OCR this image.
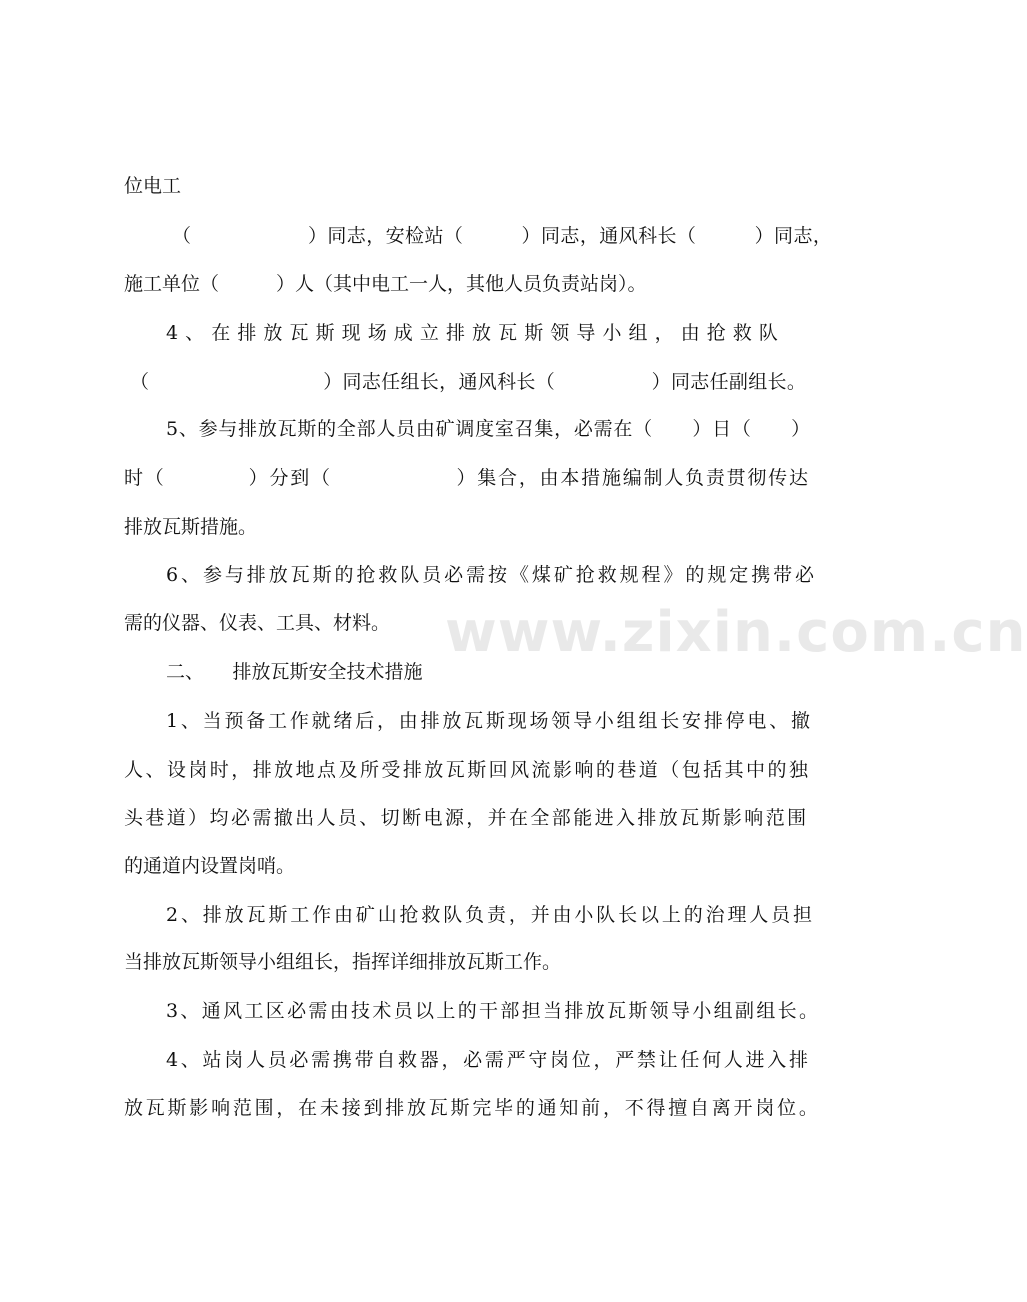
位电工

（　　　　　　）同志，安检站（　　　）同志，通风科长（　　　）同志，

施工单位（　　　）人（其中电工一人，其他人员负责站岗）。

4、在排放瓦斯现场成立排放瓦斯领导小组，由抢救队

（　　　　　　　　　）同志任组长，通风科长（　　　　　）同志任副组长。

5、参与排放瓦斯的全部人员由矿调度室召集，必需在（　　）日（　　）

时（　　　　）分到（　　　　　　）集合，由本措施编制人负责贯彻传达

排放瓦斯措施。

6、参与排放瓦斯的抢救队员必需按《煤矿抢救规程》的规定携带必

需的仪器、仪表、工具、材料。

二、　　排放瓦斯安全技术措施

1、当预备工作就绪后，由排放瓦斯现场领导小组组长安排停电、撤

人、设岗时，排放地点及所受排放瓦斯回风流影响的巷道（包括其中的独

头巷道）均必需撤出人员、切断电源，并在全部能进入排放瓦斯影响范围

的通道内设置岗哨。

2、排放瓦斯工作由矿山抢救队负责，并由小队长以上的治理人员担

当排放瓦斯领导小组组长，指挥详细排放瓦斯工作。

3、通风工区必需由技术员以上的干部担当排放瓦斯领导小组副组长。

4、站岗人员必需携带自救器，必需严守岗位，严禁让任何人进入排

放瓦斯影响范围，在未接到排放瓦斯完毕的通知前，不得擅自离开岗位。

www.zixin.com.cn
